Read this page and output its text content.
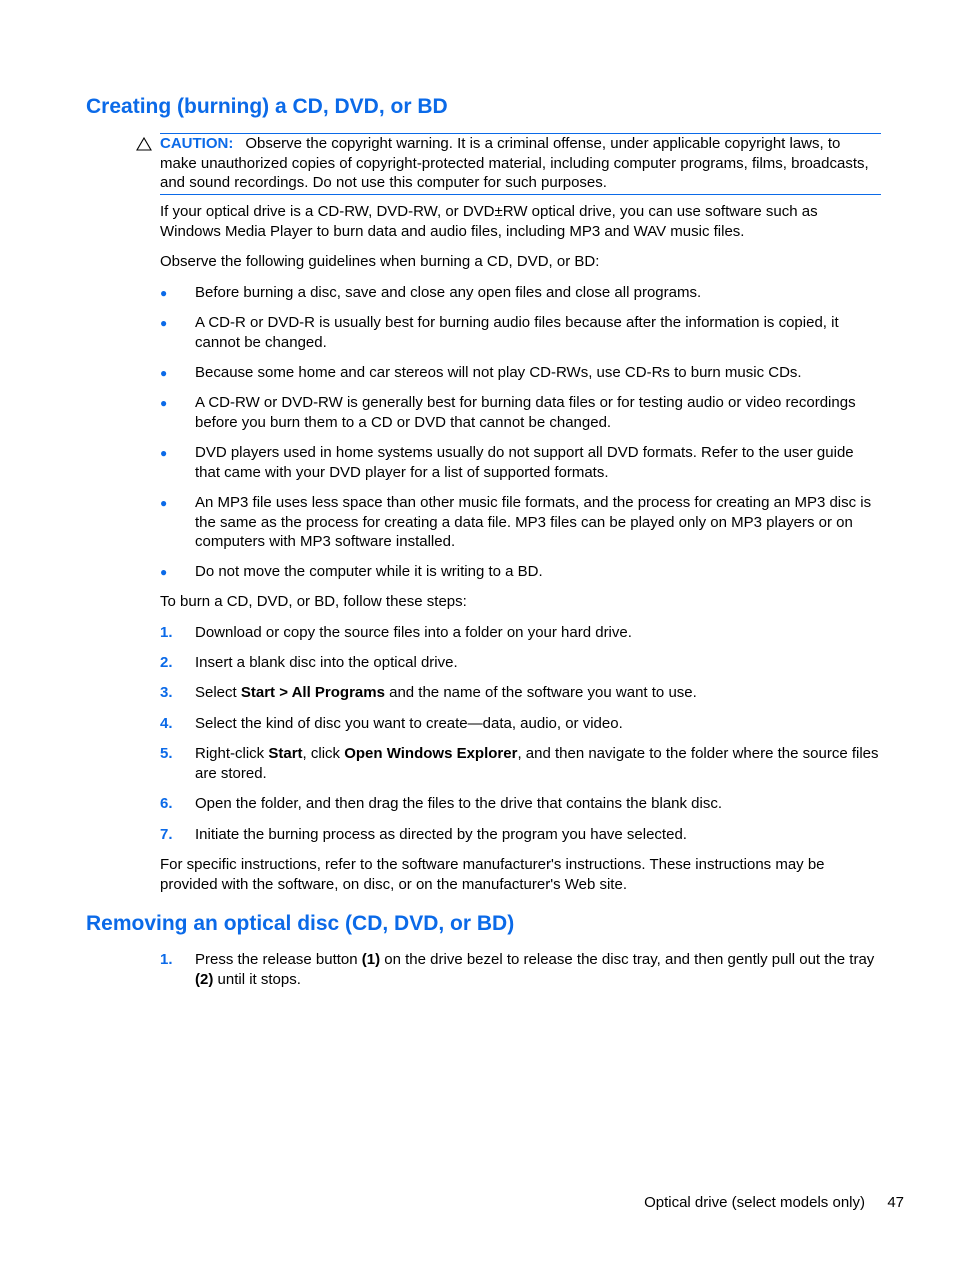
Creating (burning) a CD, DVD, or BD
CAUTION: Observe the copyright warning. It is a criminal offense, under applicable copyright laws, to make unauthorized copies of copyright-protected material, including computer programs, films, broadcasts, and sound recordings. Do not use this computer for such purposes.

If your optical drive is a CD-RW, DVD-RW, or DVD±RW optical drive, you can use software such as Windows Media Player to burn data and audio files, including MP3 and WAV music files.

Observe the following guidelines when burning a CD, DVD, or BD:

● Before burning a disc, save and close any open files and close all programs.

● A CD-R or DVD-R is usually best for burning audio files because after the information is copied, it cannot be changed.

● Because some home and car stereos will not play CD-RWs, use CD-Rs to burn music CDs.

● A CD-RW or DVD-RW is generally best for burning data files or for testing audio or video recordings before you burn them to a CD or DVD that cannot be changed.

● DVD players used in home systems usually do not support all DVD formats. Refer to the user guide that came with your DVD player for a list of supported formats.

● An MP3 file uses less space than other music file formats, and the process for creating an MP3 disc is the same as the process for creating a data file. MP3 files can be played only on MP3 players or on computers with MP3 software installed.

● Do not move the computer while it is writing to a BD.

To burn a CD, DVD, or BD, follow these steps:

1. Download or copy the source files into a folder on your hard drive.

2. Insert a blank disc into the optical drive.

3. Select Start > All Programs and the name of the software you want to use.

4. Select the kind of disc you want to create—data, audio, or video.

5. Right-click Start, click Open Windows Explorer, and then navigate to the folder where the source files are stored.

6. Open the folder, and then drag the files to the drive that contains the blank disc.

7. Initiate the burning process as directed by the program you have selected.

For specific instructions, refer to the software manufacturer's instructions. These instructions may be provided with the software, on disc, or on the manufacturer's Web site.

Removing an optical disc (CD, DVD, or BD)
1. Press the release button (1) on the drive bezel to release the disc tray, and then gently pull out the tray (2) until it stops.

Optical drive (select models only) 47
